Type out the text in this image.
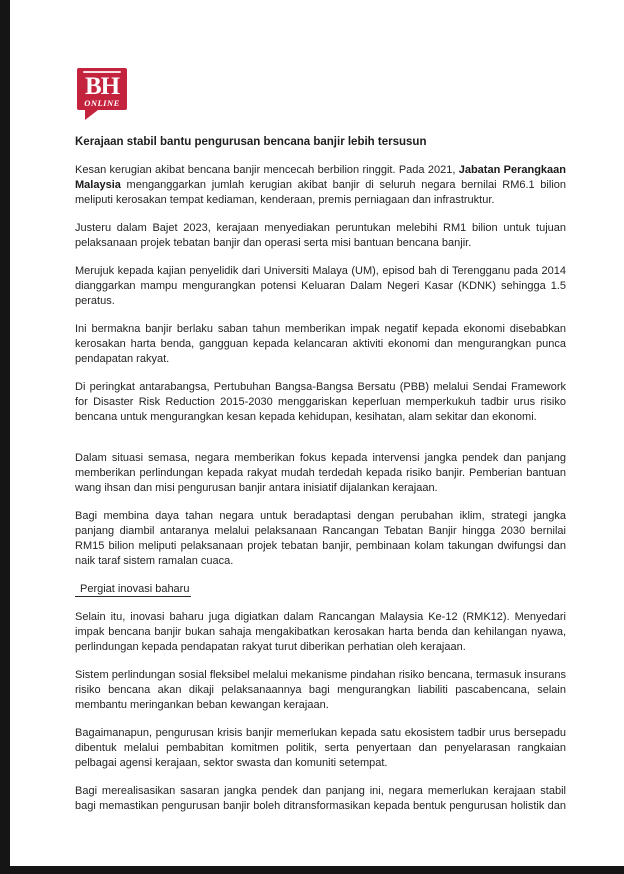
BH
ONLINE
Kerajaan stabil bantu pengurusan bencana banjir lebih tersusun

Kesan kerugian akibat bencana banjir mencecah berbilion ringgit. Pada 2021, Jabatan Perangkaan Malaysia menganggarkan jumlah kerugian akibat banjir di seluruh negara bernilai RM6.1 bilion meliputi kerosakan tempat kediaman, kenderaan, premis perniagaan dan infrastruktur.

Justeru dalam Bajet 2023, kerajaan menyediakan peruntukan melebihi RM1 bilion untuk tujuan pelaksanaan projek tebatan banjir dan operasi serta misi bantuan bencana banjir.

Merujuk kepada kajian penyelidik dari Universiti Malaya (UM), episod bah di Terengganu pada 2014 dianggarkan mampu mengurangkan potensi Keluaran Dalam Negeri Kasar (KDNK) sehingga 1.5 peratus.

Ini bermakna banjir berlaku saban tahun memberikan impak negatif kepada ekonomi disebabkan kerosakan harta benda, gangguan kepada kelancaran aktiviti ekonomi dan mengurangkan punca pendapatan rakyat.

Di peringkat antarabangsa, Pertubuhan Bangsa-Bangsa Bersatu (PBB) melalui Sendai Framework for Disaster Risk Reduction 2015-2030 menggariskan keperluan memperkukuh tadbir urus risiko bencana untuk mengurangkan kesan kepada kehidupan, kesihatan, alam sekitar dan ekonomi.

Dalam situasi semasa, negara memberikan fokus kepada intervensi jangka pendek dan panjang memberikan perlindungan kepada rakyat mudah terdedah kepada risiko banjir. Pemberian bantuan wang ihsan dan misi pengurusan banjir antara inisiatif dijalankan kerajaan.

Bagi membina daya tahan negara untuk beradaptasi dengan perubahan iklim, strategi jangka panjang diambil antaranya melalui pelaksanaan Rancangan Tebatan Banjir hingga 2030 bernilai RM15 bilion meliputi pelaksanaan projek tebatan banjir, pembinaan kolam takungan dwifungsi dan naik taraf sistem ramalan cuaca.

Pergiat inovasi baharu

Selain itu, inovasi baharu juga digiatkan dalam Rancangan Malaysia Ke-12 (RMK12). Menyedari impak bencana banjir bukan sahaja mengakibatkan kerosakan harta benda dan kehilangan nyawa, perlindungan kepada pendapatan rakyat turut diberikan perhatian oleh kerajaan.

Sistem perlindungan sosial fleksibel melalui mekanisme pindahan risiko bencana, termasuk insurans risiko bencana akan dikaji pelaksanaannya bagi mengurangkan liabiliti pascabencana, selain membantu meringankan beban kewangan kerajaan.

Bagaimanapun, pengurusan krisis banjir memerlukan kepada satu ekosistem tadbir urus bersepadu dibentuk melalui pembabitan komitmen politik, serta penyertaan dan penyelarasan rangkaian pelbagai agensi kerajaan, sektor swasta dan komuniti setempat.

Bagi merealisasikan sasaran jangka pendek dan panjang ini, negara memerlukan kerajaan stabil bagi memastikan pengurusan banjir boleh ditransformasikan kepada bentuk pengurusan holistik dan
